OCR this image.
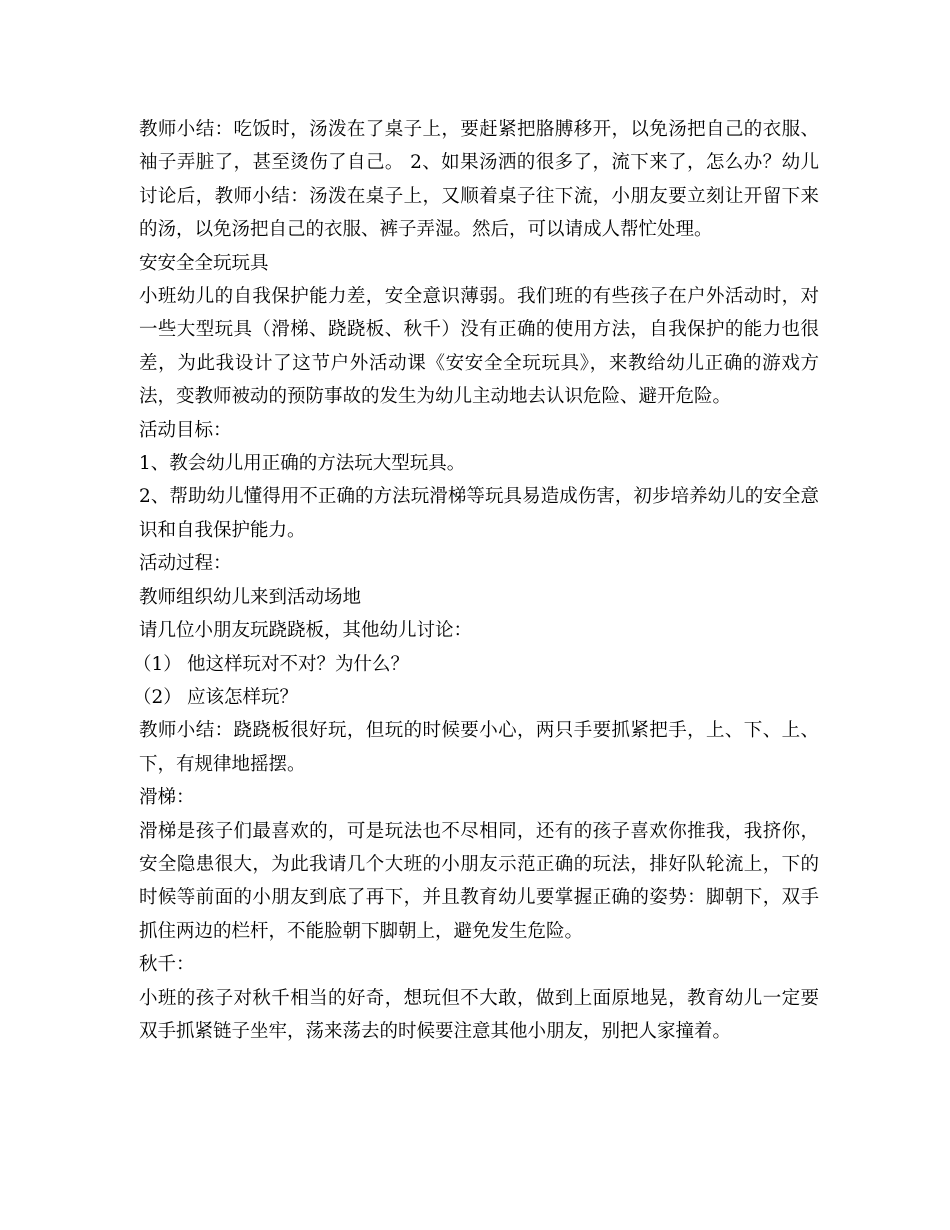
教师小结：吃饭时，汤泼在了桌子上，要赶紧把胳膊移开，以免汤把自己的衣服、袖子弄脏了，甚至烫伤了自己。 2、如果汤洒的很多了，流下来了，怎么办？幼儿讨论后，教师小结：汤泼在桌子上，又顺着桌子往下流，小朋友要立刻让开留下来的汤，以免汤把自己的衣服、裤子弄湿。然后，可以请成人帮忙处理。

安安全全玩玩具

小班幼儿的自我保护能力差，安全意识薄弱。我们班的有些孩子在户外活动时，对一些大型玩具（滑梯、跷跷板、秋千）没有正确的使用方法，自我保护的能力也很差，为此我设计了这节户外活动课《安安全全玩玩具》，来教给幼儿正确的游戏方法，变教师被动的预防事故的发生为幼儿主动地去认识危险、避开危险。

活动目标：

1、教会幼儿用正确的方法玩大型玩具。

2、帮助幼儿懂得用不正确的方法玩滑梯等玩具易造成伤害，初步培养幼儿的安全意识和自我保护能力。

活动过程：

教师组织幼儿来到活动场地

请几位小朋友玩跷跷板，其他幼儿讨论：

（1） 他这样玩对不对？为什么？

（2） 应该怎样玩？

教师小结：跷跷板很好玩，但玩的时候要小心，两只手要抓紧把手，上、下、上、下，有规律地摇摆。

滑梯：

滑梯是孩子们最喜欢的，可是玩法也不尽相同，还有的孩子喜欢你推我，我挤你，安全隐患很大，为此我请几个大班的小朋友示范正确的玩法，排好队轮流上，下的时候等前面的小朋友到底了再下，并且教育幼儿要掌握正确的姿势：脚朝下，双手抓住两边的栏杆，不能脸朝下脚朝上，避免发生危险。

秋千：

小班的孩子对秋千相当的好奇，想玩但不大敢，做到上面原地晃，教育幼儿一定要双手抓紧链子坐牢，荡来荡去的时候要注意其他小朋友，别把人家撞着。
